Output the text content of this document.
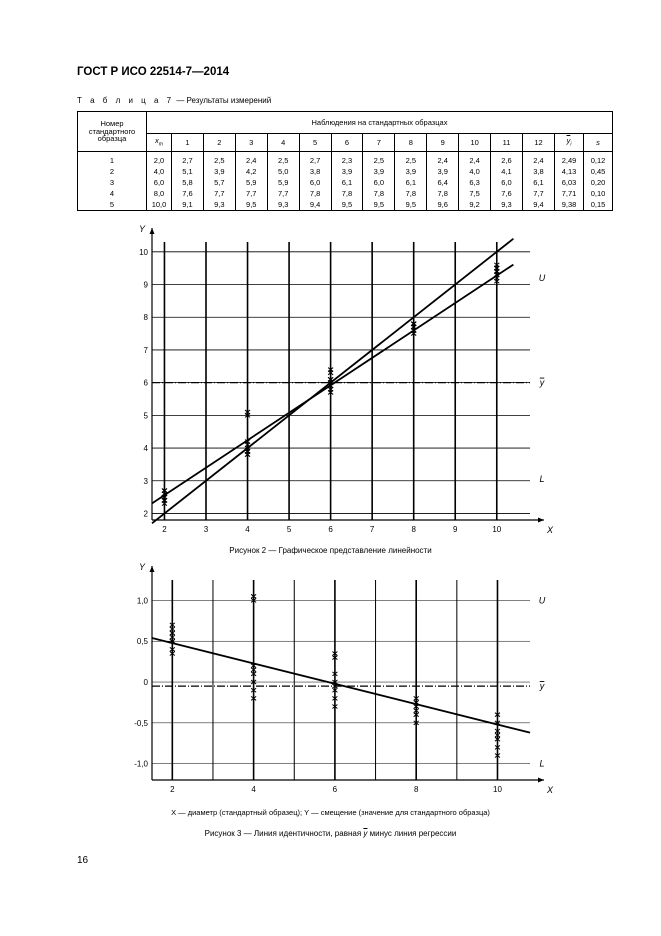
ГОСТ Р ИСО 22514-7—2014
Т а б л и ц а 7 — Результаты измерений
Номер стандартного образца	Наблюдения на стандартных образцах														
	$x_m$	1	2	3	4	5	6	7	8	9	10	11	12	$\overline{y}_i$	s
1	2,0	2,7	2,5	2,4	2,5	2,7	2,3	2,5	2,5	2,4	2,4	2,6	2,4	2,49	0,12
2	4,0	5,1	3,9	4,2	5,0	3,8	3,9	3,9	3,9	3,9	4,0	4,1	3,8	4,13	0,45
3	6,0	5,8	5,7	5,9	5,9	6,0	6,1	6,0	6,1	6,4	6,3	6,0	6,1	6,03	0,20
4	8,0	7,6	7,7	7,7	7,7	7,8	7,8	7,8	7,8	7,8	7,5	7,6	7,7	7,71	0,10
5	10,0	9,1	9,3	9,5	9,3	9,4	9,5	9,5	9,5	9,6	9,2	9,3	9,4	9,38	0,15
2	3	4	5	6	7	8	9	10
2
3
4
5
6
7
8
9
10
X
Y
y
U
L
Рисунок 2 — Графическое представление линейности
2	4	6	8	10
1,0
0,5
0
-0,5
-1,0
X
Y
y
U
L
X — диаметр (стандартный образец); Y — смещение (значение для стандартного образца)
Рисунок 3 — Линия идентичности, равная $\overline{y}$ минус линия регрессии
16
